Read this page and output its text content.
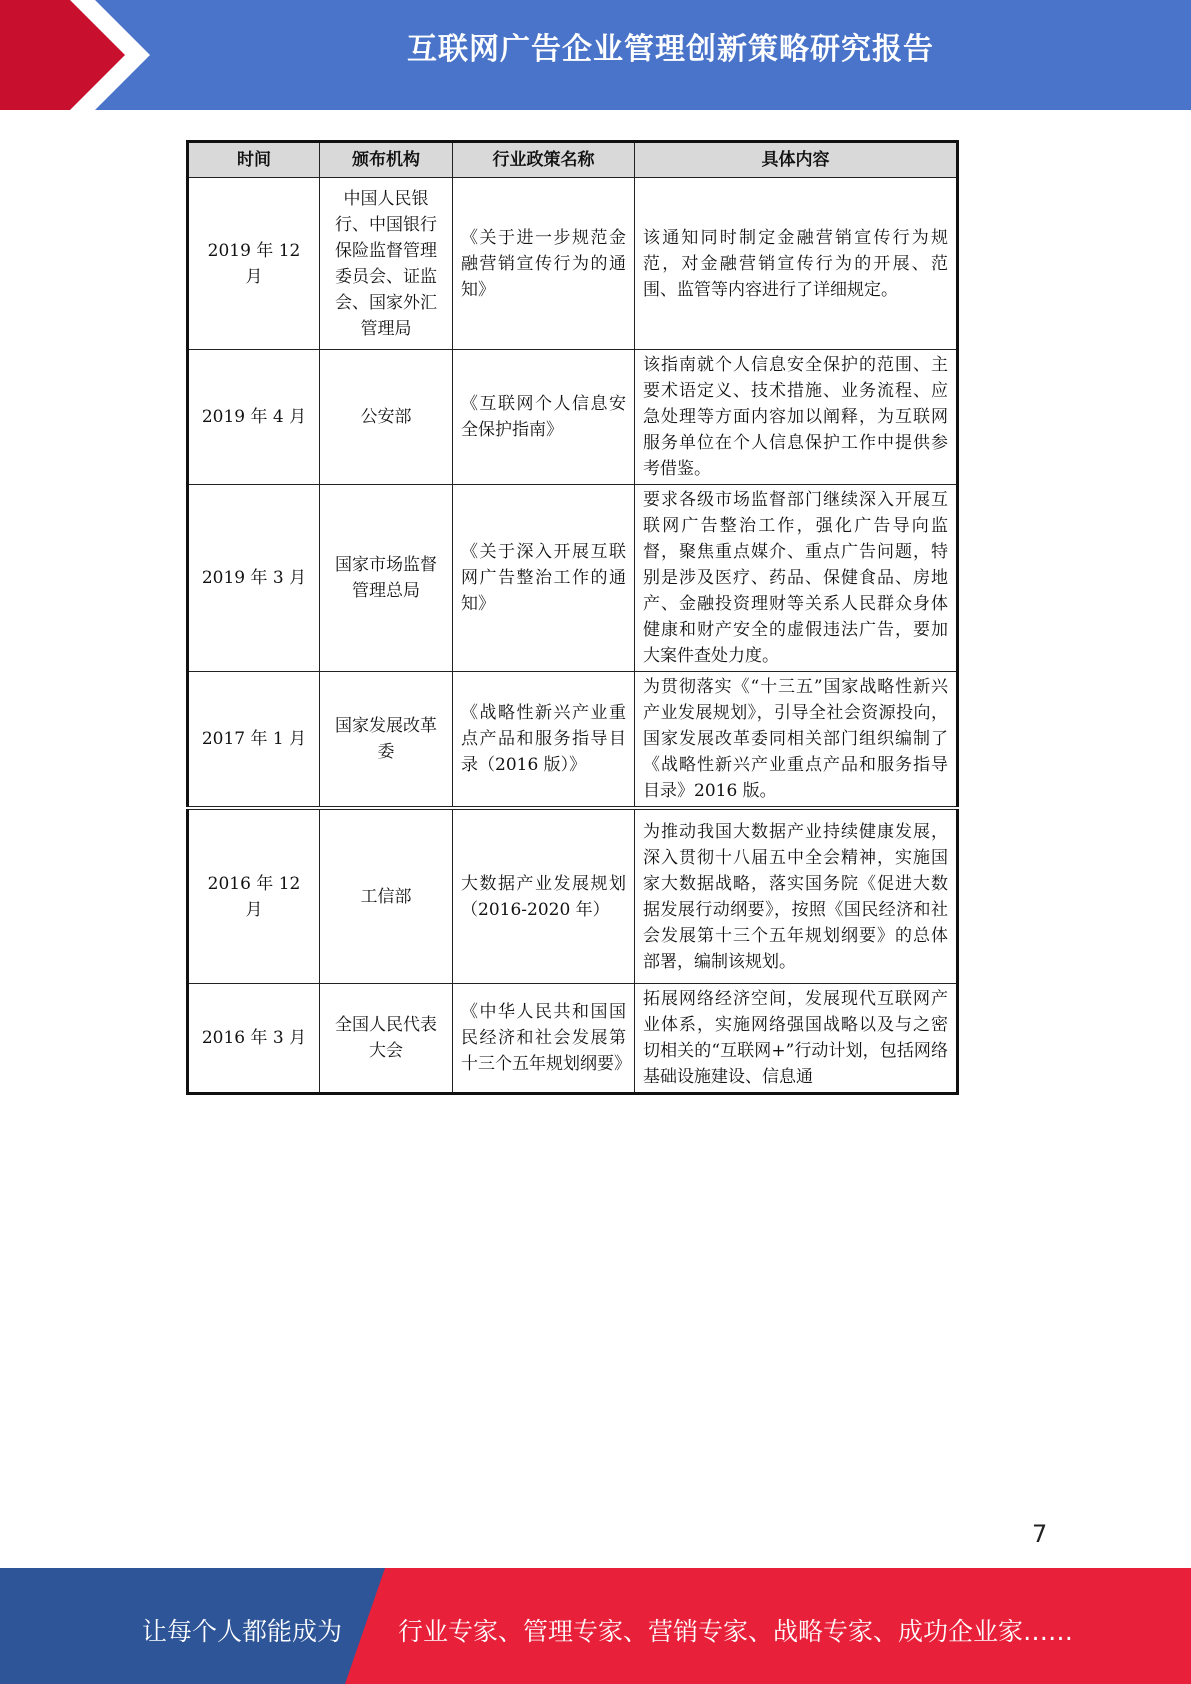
互联网广告企业管理创新策略研究报告
时间	颁布机构	行业政策名称	具体内容
2019 年 12 月	中国人民银行、中国银行保险监督管理委员会、证监会、国家外汇管理局	《关于进一步规范金融营销宣传行为的通知》	该通知同时制定金融营销宣传行为规范，对金融营销宣传行为的开展、范围、监管等内容进行了详细规定。
2019 年 4 月	公安部	《互联网个人信息安全保护指南》	该指南就个人信息安全保护的范围、主要术语定义、技术措施、业务流程、应急处理等方面内容加以阐释，为互联网服务单位在个人信息保护工作中提供参考借鉴。
2019 年 3 月	国家市场监督管理总局	《关于深入开展互联网广告整治工作的通知》	要求各级市场监督部门继续深入开展互联网广告整治工作，强化广告导向监督，聚焦重点媒介、重点广告问题，特别是涉及医疗、药品、保健食品、房地产、金融投资理财等关系人民群众身体健康和财产安全的虚假违法广告，要加大案件查处力度。
2017 年 1 月	国家发展改革委	《战略性新兴产业重点产品和服务指导目录（2016 版）》	为贯彻落实《“十三五”国家战略性新兴产业发展规划》，引导全社会资源投向，国家发展改革委同相关部门组织编制了《战略性新兴产业重点产品和服务指导目录》2016 版。
2016 年 12 月	工信部	大数据产业发展规划（2016-2020 年）	为推动我国大数据产业持续健康发展，深入贯彻十八届五中全会精神，实施国家大数据战略，落实国务院《促进大数据发展行动纲要》，按照《国民经济和社会发展第十三个五年规划纲要》的总体部署，编制该规划。
2016 年 3 月	全国人民代表大会	《中华人民共和国国民经济和社会发展第十三个五年规划纲要》	拓展网络经济空间，发展现代互联网产业体系，实施网络强国战略以及与之密切相关的“互联网+”行动计划，包括网络基础设施建设、信息通
7
让每个人都能成为 行业专家、管理专家、营销专家、战略专家、成功企业家……
